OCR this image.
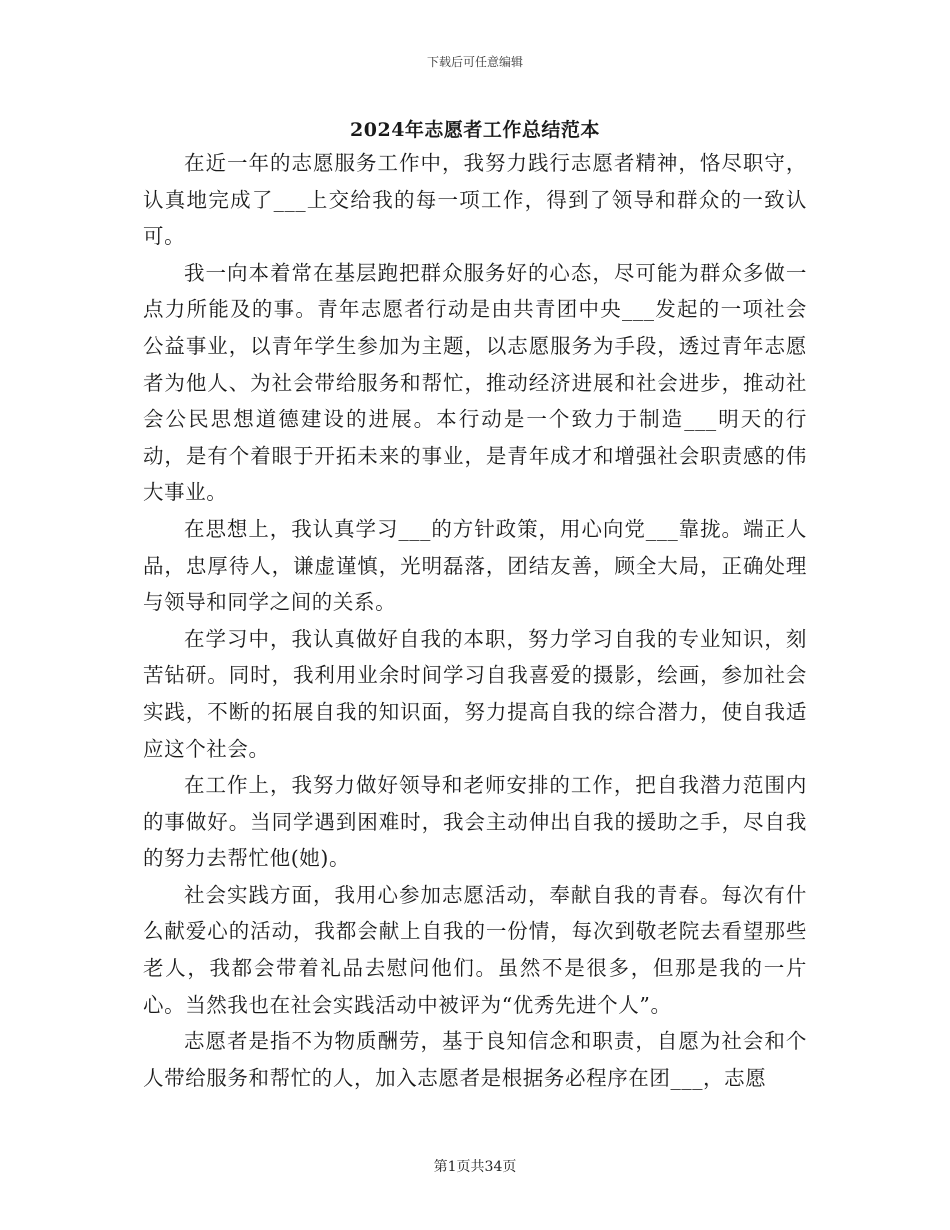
下载后可任意编辑
2024年志愿者工作总结范本

在近一年的志愿服务工作中，我努力践行志愿者精神，恪尽职守，认真地完成了___上交给我的每一项工作，得到了领导和群众的一致认可。

我一向本着常在基层跑把群众服务好的心态，尽可能为群众多做一点力所能及的事。青年志愿者行动是由共青团中央___发起的一项社会公益事业，以青年学生参加为主题，以志愿服务为手段，透过青年志愿者为他人、为社会带给服务和帮忙，推动经济进展和社会进步，推动社会公民思想道德建设的进展。本行动是一个致力于制造___明天的行动，是有个着眼于开拓未来的事业，是青年成才和增强社会职责感的伟大事业。

在思想上，我认真学习___的方针政策，用心向党___靠拢。端正人品，忠厚待人，谦虚谨慎，光明磊落，团结友善，顾全大局，正确处理与领导和同学之间的关系。

在学习中，我认真做好自我的本职，努力学习自我的专业知识，刻苦钻研。同时，我利用业余时间学习自我喜爱的摄影，绘画，参加社会实践，不断的拓展自我的知识面，努力提高自我的综合潜力，使自我适应这个社会。

在工作上，我努力做好领导和老师安排的工作，把自我潜力范围内的事做好。当同学遇到困难时，我会主动伸出自我的援助之手，尽自我的努力去帮忙他(她)。

社会实践方面，我用心参加志愿活动，奉献自我的青春。每次有什么献爱心的活动，我都会献上自我的一份情，每次到敬老院去看望那些老人，我都会带着礼品去慰问他们。虽然不是很多，但那是我的一片心。当然我也在社会实践活动中被评为“优秀先进个人”。

志愿者是指不为物质酬劳，基于良知信念和职责，自愿为社会和个人带给服务和帮忙的人，加入志愿者是根据务必程序在团___，志愿

第1页共34页
